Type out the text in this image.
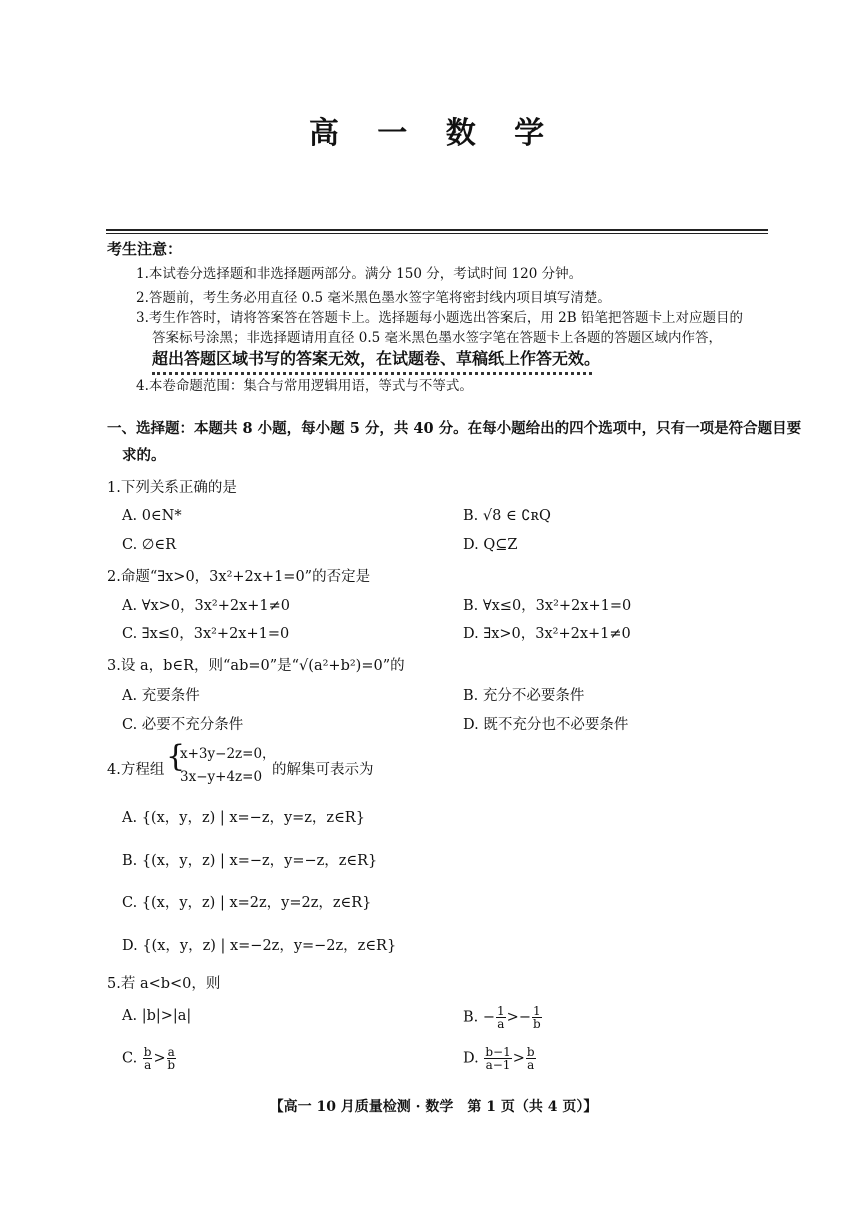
高 一 数 学
考生注意：
1.本试卷分选择题和非选择题两部分。满分 150 分，考试时间 120 分钟。
2.答题前，考生务必用直径 0.5 毫米黑色墨水签字笔将密封线内项目填写清楚。
3.考生作答时，请将答案答在答题卡上。选择题每小题选出答案后，用 2B 铅笔把答题卡上对应题目的
答案标号涂黑；非选择题请用直径 0.5 毫米黑色墨水签字笔在答题卡上各题的答题区域内作答，
超出答题区域书写的答案无效，在试题卷、草稿纸上作答无效。
4.本卷命题范围：集合与常用逻辑用语，等式与不等式。
一、选择题：本题共 8 小题，每小题 5 分，共 40 分。在每小题给出的四个选项中，只有一项是符合题目要
求的。
1.下列关系正确的是
A. 0∈N*	B. √8 ∈ ∁ʀQ
C. ∅∈R	D. Q⊆Z
2.命题“∃x>0，3x²+2x+1=0”的否定是
A. ∀x>0，3x²+2x+1≠0	B. ∀x≤0，3x²+2x+1=0
C. ∃x≤0，3x²+2x+1=0	D. ∃x>0，3x²+2x+1≠0
3.设 a，b∈R，则“ab=0”是“√(a²+b²)=0”的
A. 充要条件	B. 充分不必要条件
C. 必要不充分条件	D. 既不充分也不必要条件
4.方程组 {
x+3y−2z=0，
3x−y+4z=0 的解集可表示为
A. {(x，y，z) | x=−z，y=z，z∈R}
B. {(x，y，z) | x=−z，y=−z，z∈R}
C. {(x，y，z) | x=2z，y=2z，z∈R}
D. {(x，y，z) | x=−2z，y=−2z，z∈R}
5.若 a<b<0，则
A. |b|>|a|	B. − $\frac{1}{a} >- \frac{1}{b}$
C. $\frac{b}{a} > \frac{a}{b}$	D. $\frac{b-1}{a-1} > \frac{b}{a}$
【高一 10 月质量检测 · 数学　第 1 页（共 4 页）】
